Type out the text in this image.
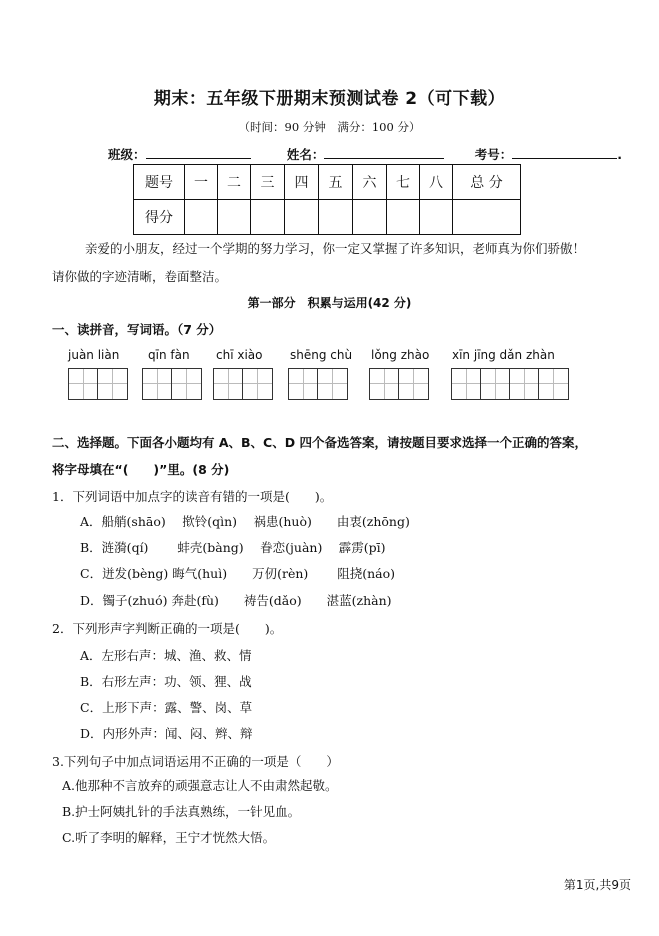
期末：五年级下册期末预测试卷 2（可下载）
（时间：90 分钟　满分：100 分）
班级：	姓名：	考号：	.
题号	一	二	三	四	五	六	七	八	总 分
得分									
亲爱的小朋友，经过一个学期的努力学习，你一定又掌握了许多知识，老师真为你们骄傲！
请你做的字迹清晰，卷面整洁。
第一部分　积累与运用(42 分)
一、读拼音，写词语。（7 分）
juàn liàn qīn fàn chī xiào shēng chù lǒng zhào xīn jīng dǎn zhàn
二、选择题。下面各小题均有 A、B、C、D 四个备选答案，请按题目要求选择一个正确的答案，
将字母填在“(　　)”里。(8 分)
1．下列词语中加点字的读音有错的一项是(　　)。
A．船艄(shāo)　 揿铃(qìn)　 祸患(huò)　　由衷(zhōng)
B．涟漪(qí)　　 蚌壳(bàng)　 眷恋(juàn)　 霹雳(pī)
C．迸发(bèng) 晦气(huì)　　万仞(rèn)　　 阻挠(náo)
D．镯子(zhuó) 奔赴(fù)　　祷告(dǎo)　　湛蓝(zhàn)
2．下列形声字判断正确的一项是(　　)。
A．左形右声：城、渔、救、情
B．右形左声：功、领、狸、战
C．上形下声：露、警、岗、草
D．内形外声：闻、闷、辫、辩
3.下列句子中加点词语运用不正确的一项是（　　）
A.他那种不言放弃的顽强意志让人不由肃然起敬。
B.护士阿姨扎针的手法真熟练，一针见血。
C.听了李明的解释，王宁才恍然大悟。
第1页,共9页
